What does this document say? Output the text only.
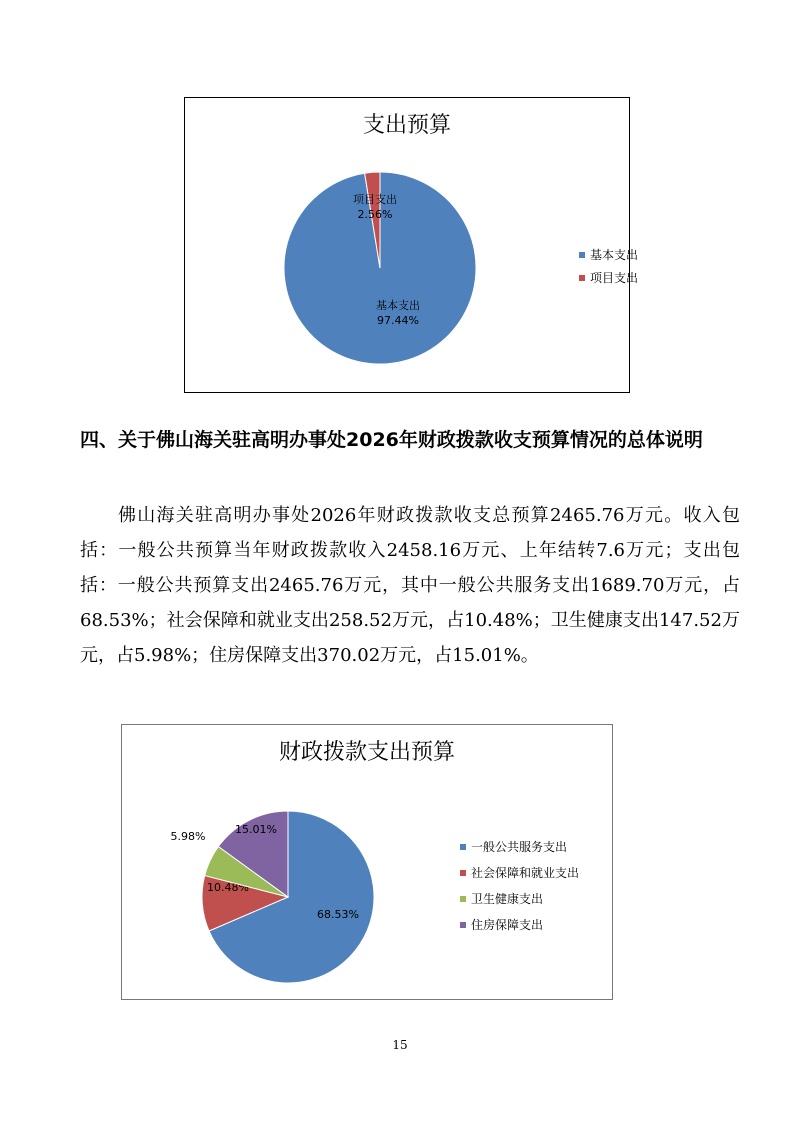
支出预算
基本支出
97.44%
项目支出
2.56%
基本支出
项目支出
四、关于佛山海关驻高明办事处2026年财政拨款收支预算情况的总体说明
佛山海关驻高明办事处2026年财政拨款收支总预算2465.76万元。收入包括：一般公共预算当年财政拨款收入2458.16万元、上年结转7.6万元；支出包括：一般公共预算支出2465.76万元，其中一般公共服务支出1689.70万元，占68.53%；社会保障和就业支出258.52万元，占10.48%；卫生健康支出147.52万元，占5.98%；住房保障支出370.02万元，占15.01%。
财政拨款支出预算
68.53%
10.48%
5.98%
15.01%
一般公共服务支出
社会保障和就业支出
卫生健康支出
住房保障支出
15
